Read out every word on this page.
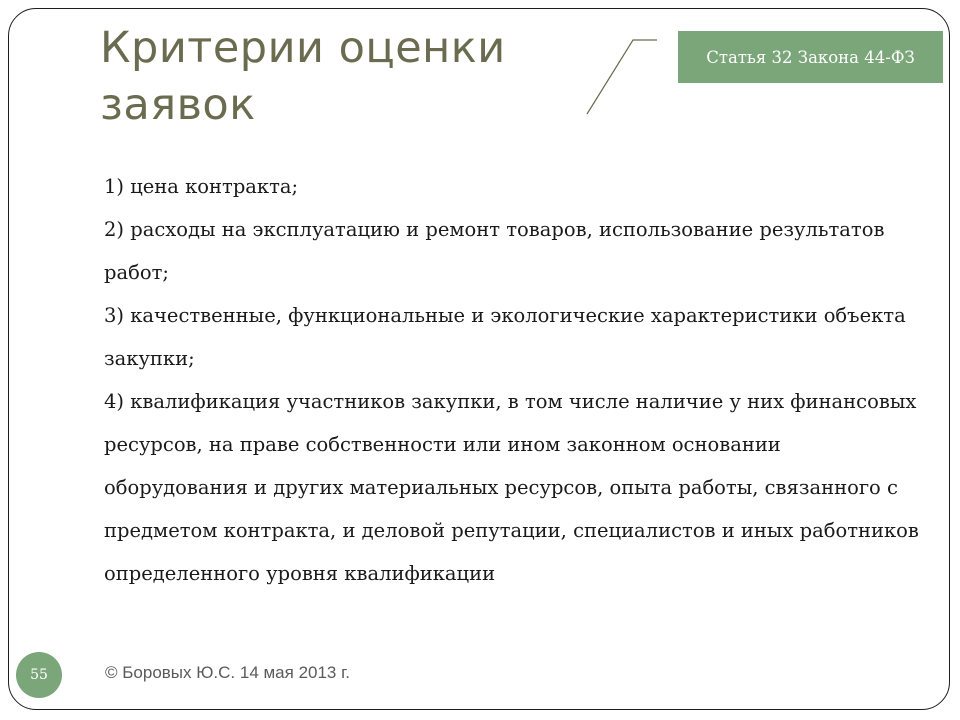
Критерии оценки
заявок
Статья 32 Закона 44-ФЗ
1) цена контракта;
2) расходы на эксплуатацию и ремонт товаров, использование результатов работ;
3) качественные, функциональные и экологические характеристики объекта закупки;
4) квалификация участников закупки, в том числе наличие у них финансовых ресурсов, на праве собственности или ином законном основании оборудования и других материальных ресурсов, опыта работы, связанного с предметом контракта, и деловой репутации, специалистов и иных работников определенного уровня квалификации
55	© Боровых Ю.С. 14 мая 2013 г.
